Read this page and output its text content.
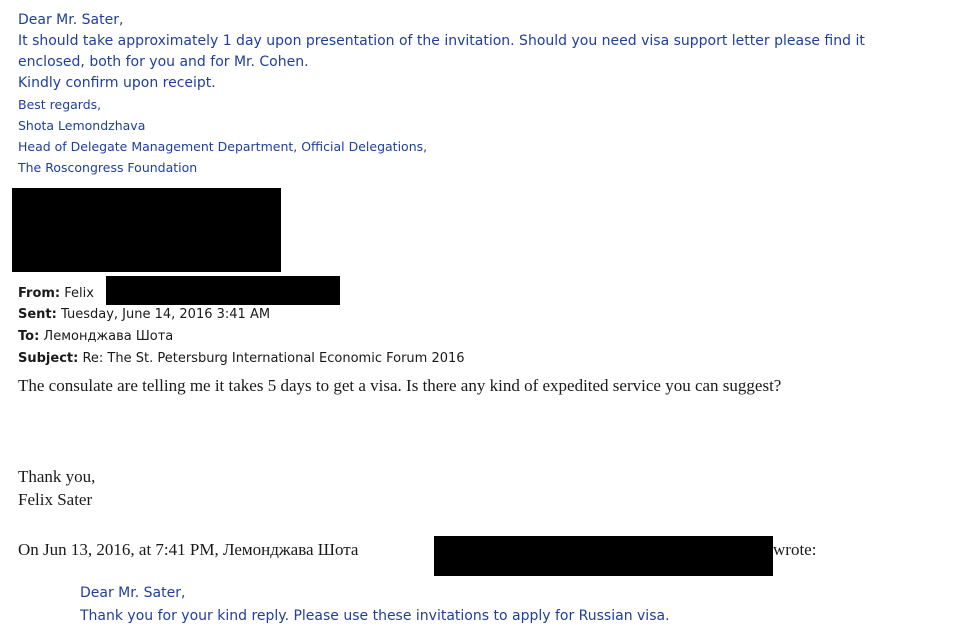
Dear Mr. Sater,
It should take approximately 1 day upon presentation of the invitation. Should you need visa support letter please find it
enclosed, both for you and for Mr. Cohen.
Kindly confirm upon receipt.
Best regards,
Shota Lemondzhava
Head of Delegate Management Department, Official Delegations,
The Roscongress Foundation
From: Felix
Sent: Tuesday, June 14, 2016 3:41 AM
To: Лемонджава Шота
Subject: Re: The St. Petersburg International Economic Forum 2016
The consulate are telling me it takes 5 days to get a visa. Is there any kind of expedited service you can suggest?
Thank you,
Felix Sater
On Jun 13, 2016, at 7:41 PM, Лемонджава Шота	wrote:
Dear Mr. Sater,
Thank you for your kind reply. Please use these invitations to apply for Russian visa.
